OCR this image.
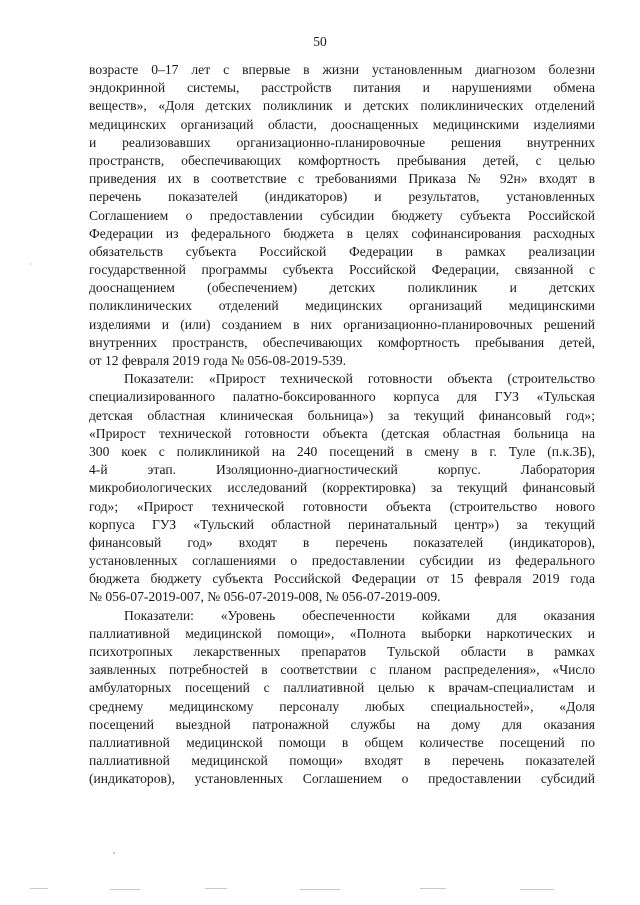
50
возрасте 0–17 лет с впервые в жизни установленным диагнозом болезни
эндокринной системы, расстройств питания и нарушениями обмена
веществ», «Доля детских поликлиник и детских поликлинических отделений
медицинских организаций области, дооснащенных медицинскими изделиями
и реализовавших организационно-планировочные решения внутренних
пространств, обеспечивающих комфортность пребывания детей, с целью
приведения их в соответствие с требованиями Приказа № 92н» входят в
перечень показателей (индикаторов) и результатов, установленных
Соглашением о предоставлении субсидии бюджету субъекта Российской
Федерации из федерального бюджета в целях софинансирования расходных
обязательств субъекта Российской Федерации в рамках реализации
государственной программы субъекта Российской Федерации, связанной с
дооснащением (обеспечением) детских поликлиник и детских
поликлинических отделений медицинских организаций медицинскими
изделиями и (или) созданием в них организационно-планировочных решений
внутренних пространств, обеспечивающих комфортность пребывания детей,
от 12 февраля 2019 года № 056-08-2019-539.
Показатели: «Прирост технической готовности объекта (строительство
специализированного палатно-боксированного корпуса для ГУЗ «Тульская
детская областная клиническая больница») за текущий финансовый год»;
«Прирост технической готовности объекта (детская областная больница на
300 коек с поликлиникой на 240 посещений в смену в г. Туле (п.к.3Б),
4-й этап. Изоляционно-диагностический корпус. Лаборатория
микробиологических исследований (корректировка) за текущий финансовый
год»; «Прирост технической готовности объекта (строительство нового
корпуса ГУЗ «Тульский областной перинатальный центр») за текущий
финансовый год» входят в перечень показателей (индикаторов),
установленных соглашениями о предоставлении субсидии из федерального
бюджета бюджету субъекта Российской Федерации от 15 февраля 2019 года
№ 056-07-2019-007, № 056-07-2019-008, № 056-07-2019-009.
Показатели: «Уровень обеспеченности койками для оказания
паллиативной медицинской помощи», «Полнота выборки наркотических и
психотропных лекарственных препаратов Тульской области в рамках
заявленных потребностей в соответствии с планом распределения», «Число
амбулаторных посещений с паллиативной целью к врачам-специалистам и
среднему медицинскому персоналу любых специальностей», «Доля
посещений выездной патронажной службы на дому для оказания
паллиативной медицинской помощи в общем количестве посещений по
паллиативной медицинской помощи» входят в перечень показателей
(индикаторов), установленных Соглашением о предоставлении субсидий
